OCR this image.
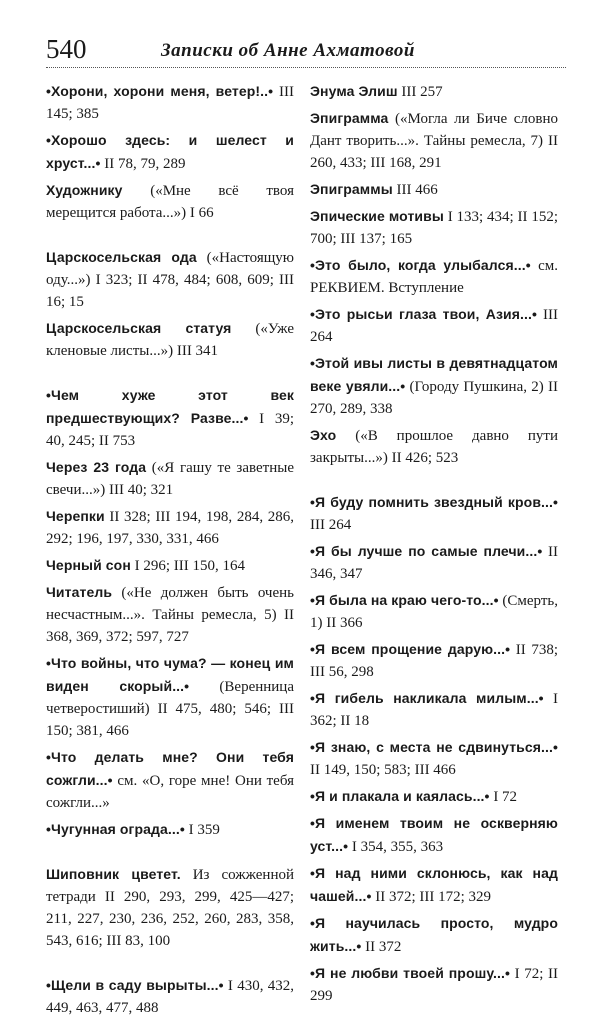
540	Записки об Анне Ахматовой
•Хорони, хорони меня, ветер!..• III 145; 385
•Хорошо здесь: и шелест и хруст...• II 78, 79, 289
Художнику («Мне всё твоя мерещится работа...») I 66
Царскосельская ода («Настоящую оду...») I 323; II 478, 484; 608, 609; III 16; 15
Царскосельская статуя («Уже кленовые листы...») III 341
•Чем хуже этот век предшествующих? Разве...• I 39; 40, 245; II 753
Через 23 года («Я гашу те заветные свечи...») III 40; 321
Черепки II 328; III 194, 198, 284, 286, 292; 196, 197, 330, 331, 466
Черный сон I 296; III 150, 164
Читатель («Не должен быть очень несчастным...». Тайны ремесла, 5) II 368, 369, 372; 597, 727
•Что войны, что чума? — конец им виден скорый...• (Веренница четверостиший) II 475, 480; 546; III 150; 381, 466
•Что делать мне? Они тебя сожгли...• см. «О, горе мне! Они тебя сожгли...»
•Чугунная ограда...• I 359
Шиповник цветет. Из сожженной тетради II 290, 293, 299, 425—427; 211, 227, 230, 236, 252, 260, 283, 358, 543, 616; III 83, 100
•Щели в саду вырыты...• I 430, 432, 449, 463, 477, 488
Энума Элиш III 257
Эпиграмма («Могла ли Биче словно Дант творить...». Тайны ремесла, 7) II 260, 433; III 168, 291
Эпиграммы III 466
Эпические мотивы I 133; 434; II 152; 700; III 137; 165
•Это было, когда улыбался...• см. РЕКВИЕМ. Вступление
•Это рысьи глаза твои, Азия...• III 264
•Этой ивы листы в девятнадцатом веке увяли...• (Городу Пушкина, 2) II 270, 289, 338
Эхо («В прошлое давно пути закрыты...») II 426; 523
•Я буду помнить звездный кров...• III 264
•Я бы лучше по самые плечи...• II 346, 347
•Я была на краю чего-то...• (Смерть, 1) II 366
•Я всем прощение дарую...• II 738; III 56, 298
•Я гибель накликала милым...• I 362; II 18
•Я знаю, с места не сдвинуться...• II 149, 150; 583; III 466
•Я и плакала и каялась...• I 72
•Я именем твоим не оскверняю уст...• I 354, 355, 363
•Я над ними склонюсь, как над чашей...• II 372; III 172; 329
•Я научилась просто, мудро жить...• II 372
•Я не любви твоей прошу...• I 72; II 299
